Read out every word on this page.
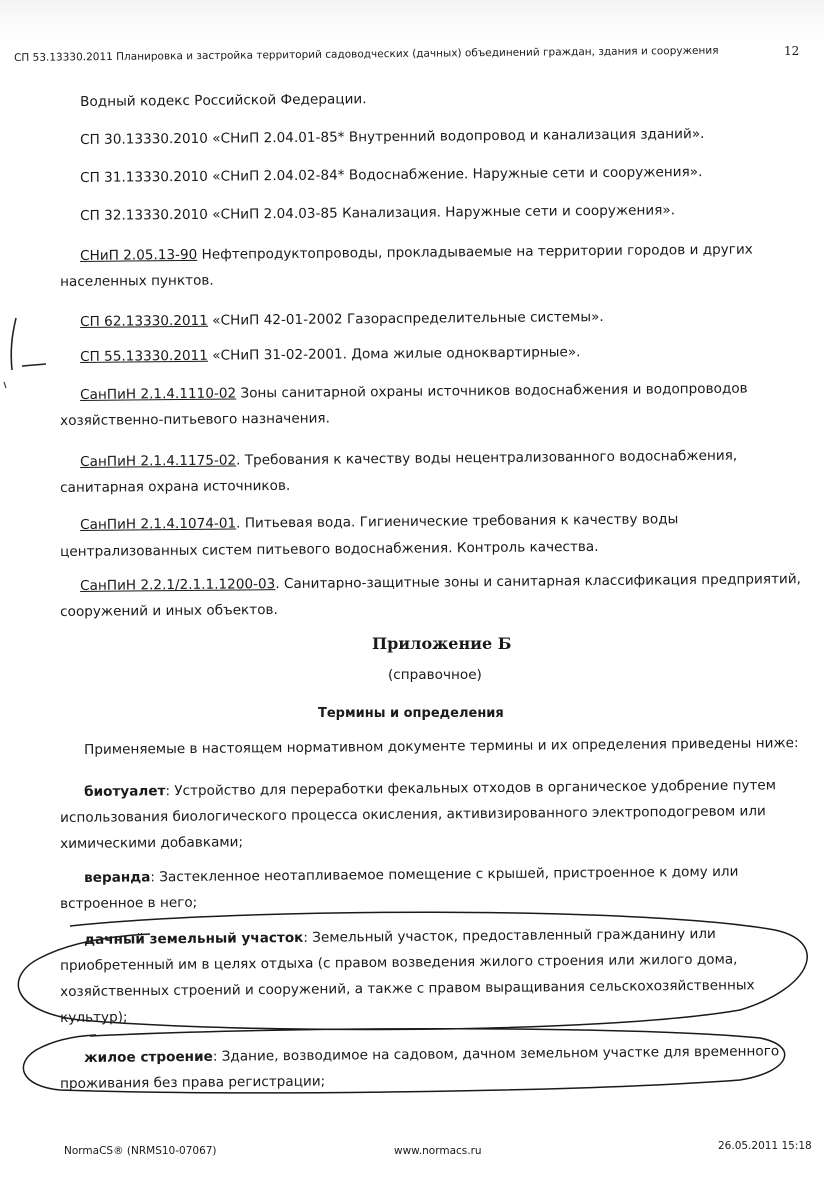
СП 53.13330.2011 Планировка и застройка территорий садоводческих (дачных) объединений граждан, здания и сооружения	12
Водный кодекс Российской Федерации.
СП 30.13330.2010 «СНиП 2.04.01-85* Внутренний водопровод и канализация зданий».
СП 31.13330.2010 «СНиП 2.04.02-84* Водоснабжение. Наружные сети и сооружения».
СП 32.13330.2010 «СНиП 2.04.03-85 Канализация. Наружные сети и сооружения».
СНиП 2.05.13-90 Нефтепродуктопроводы, прокладываемые на территории городов и других
населенных пунктов.
СП 62.13330.2011 «СНиП 42-01-2002 Газораспределительные системы».
СП 55.13330.2011 «СНиП 31-02-2001. Дома жилые одноквартирные».
СанПиН 2.1.4.1110-02 Зоны санитарной охраны источников водоснабжения и водопроводов
хозяйственно-питьевого назначения.
СанПиН 2.1.4.1175-02. Требования к качеству воды нецентрализованного водоснабжения,
санитарная охрана источников.
СанПиН 2.1.4.1074-01. Питьевая вода. Гигиенические требования к качеству воды
централизованных систем питьевого водоснабжения. Контроль качества.
СанПиН 2.2.1/2.1.1.1200-03. Санитарно-защитные зоны и санитарная классификация предприятий,
сооружений и иных объектов.
Приложение Б
(справочное)
Термины и определения
Применяемые в настоящем нормативном документе термины и их определения приведены ниже:
биотуалет: Устройство для переработки фекальных отходов в органическое удобрение путем
использования биологического процесса окисления, активизированного электроподогревом или
химическими добавками;
веранда: Застекленное неотапливаемое помещение с крышей, пристроенное к дому или
встроенное в него;
дачный земельный участок: Земельный участок, предоставленный гражданину или
приобретенный им в целях отдыха (с правом возведения жилого строения или жилого дома,
хозяйственных строений и сооружений, а также с правом выращивания сельскохозяйственных
культур);
жилое строение: Здание, возводимое на садовом, дачном земельном участке для временного
проживания без права регистрации;
NormaCS® (NRMS10-07067)	www.normacs.ru	26.05.2011 15:18
